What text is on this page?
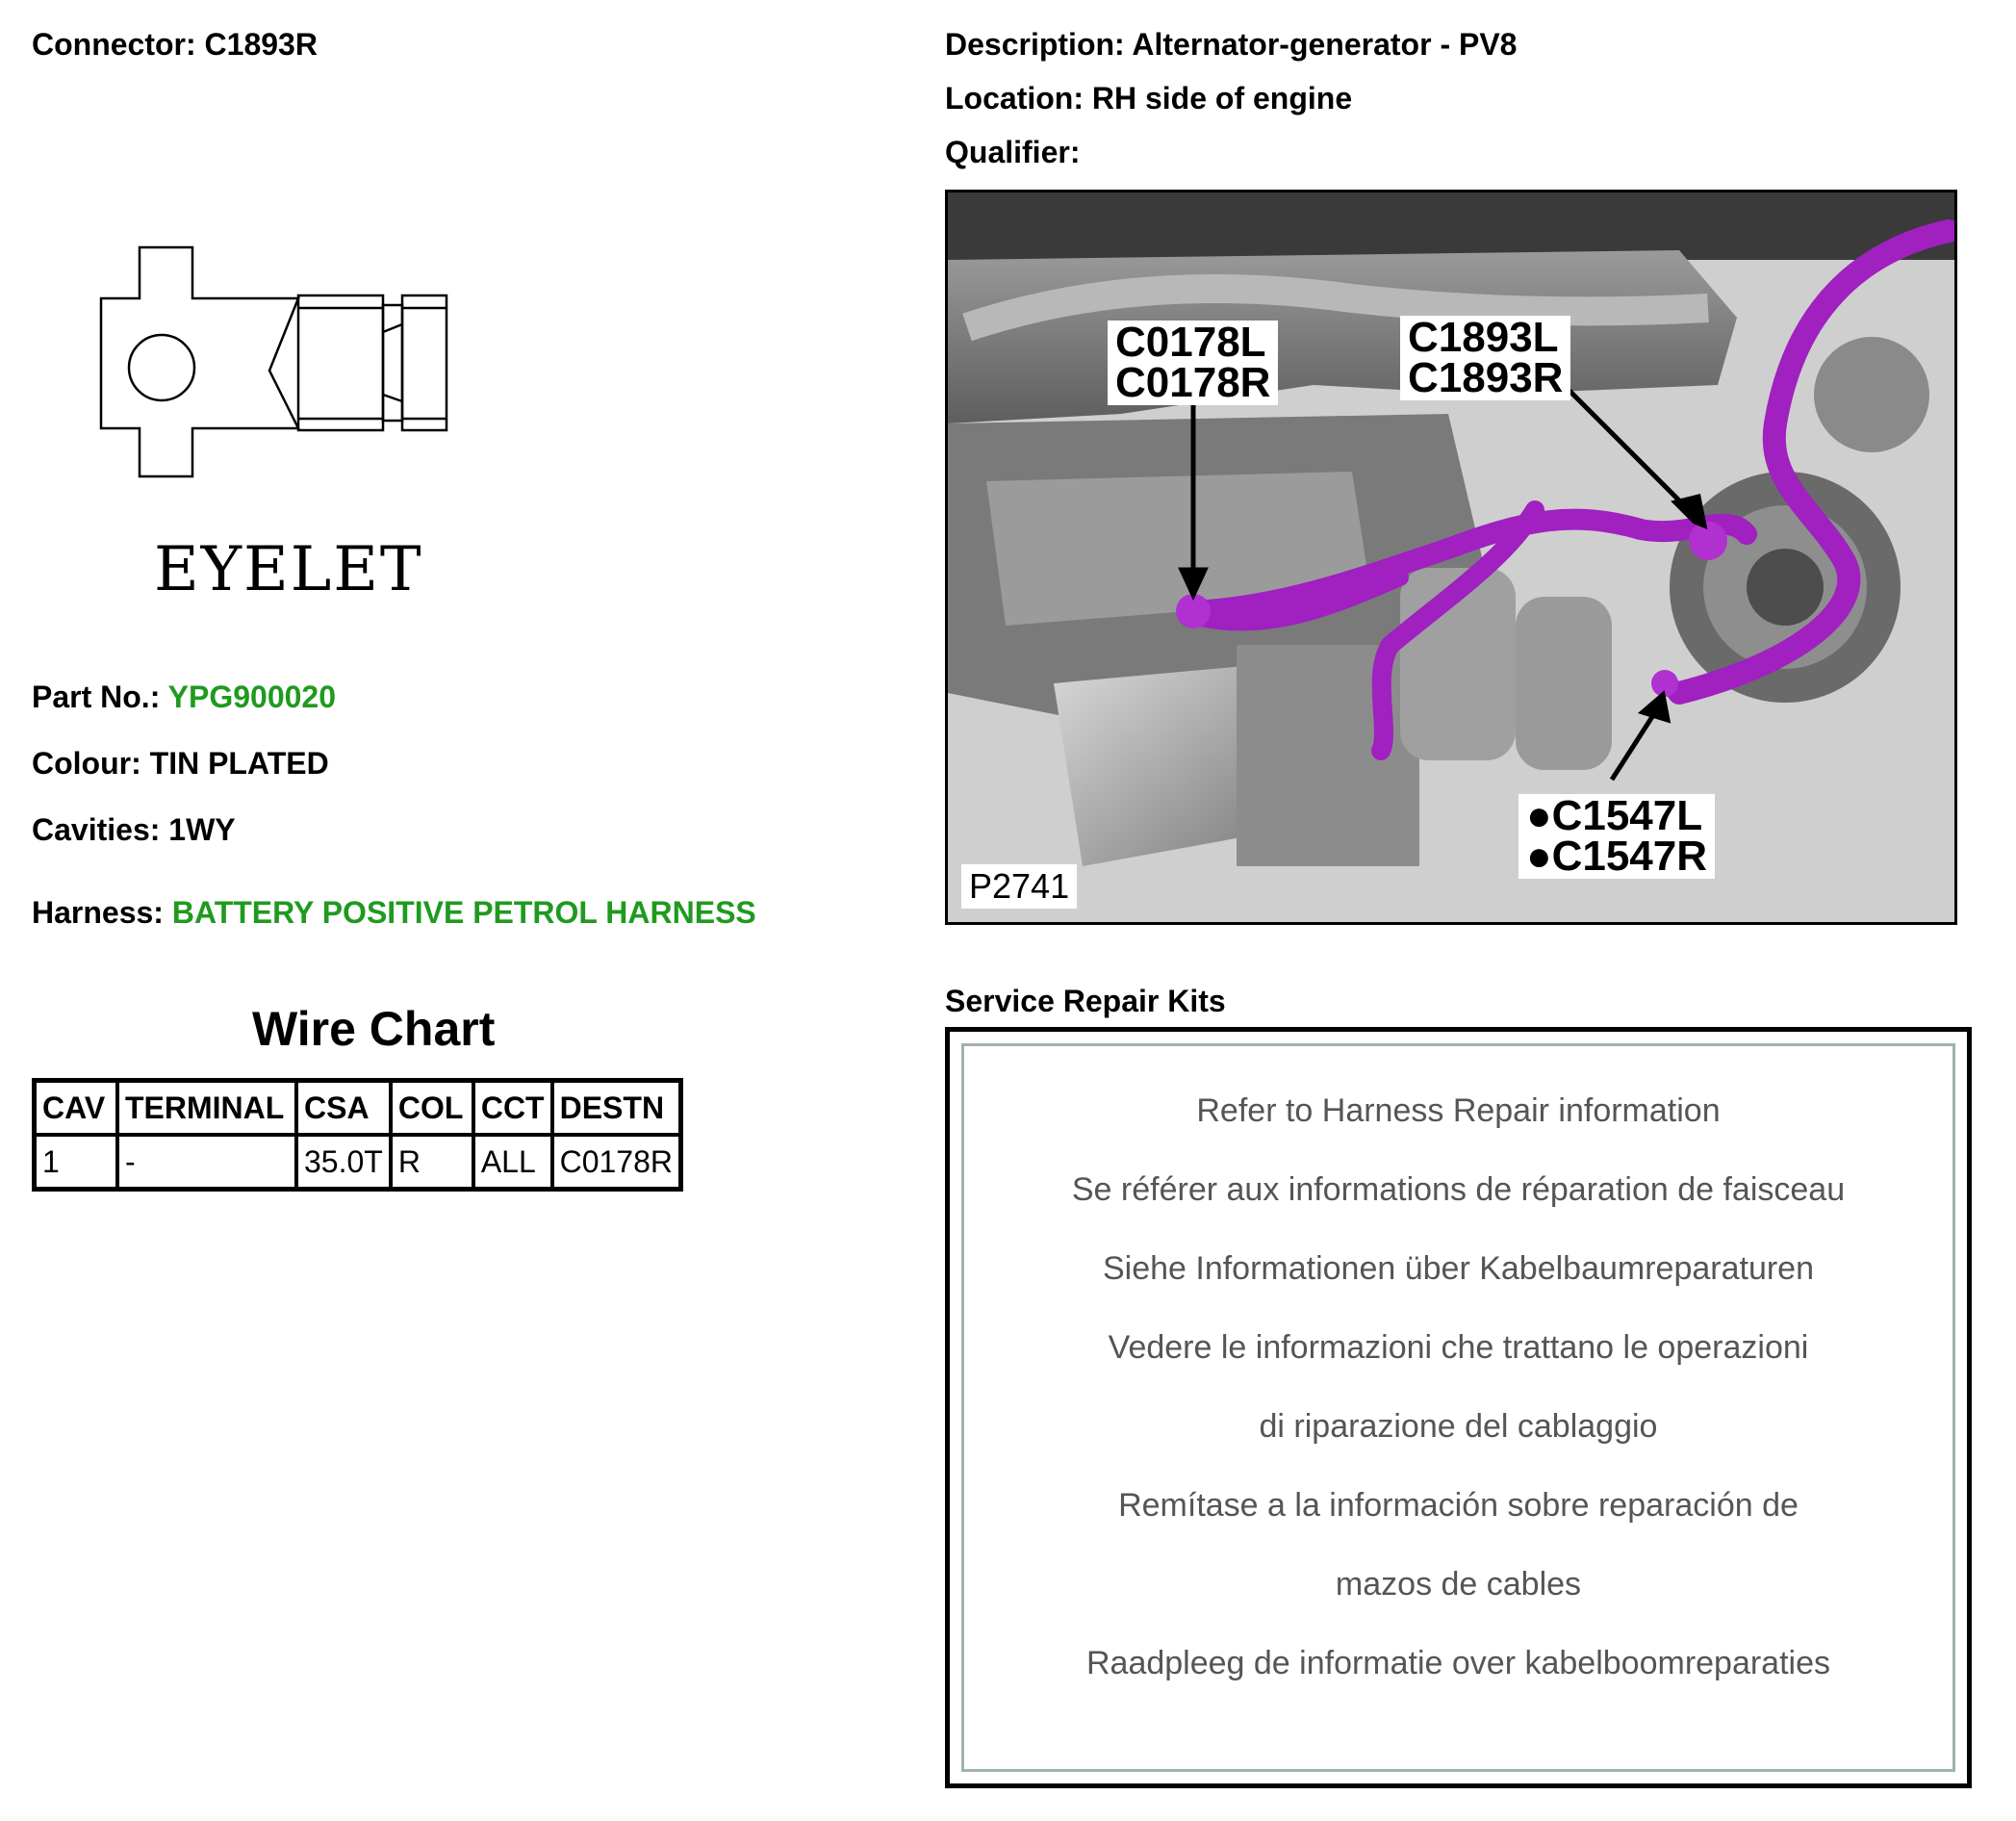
Connector: C1893R
EYELET
Part No.: YPG900020
Colour: TIN PLATED
Cavities: 1WY
Harness: BATTERY POSITIVE PETROL HARNESS
Wire Chart
CAV	TERMINAL	CSA	COL	CCT	DESTN
1	-	35.0T	R	ALL	C0178R
Description: Alternator-generator - PV8
Location: RH side of engine
Qualifier:
C0178L
C0178R
C1893L
C1893R
●C1547L
●C1547R
P2741
Service Repair Kits
Refer to Harness Repair information
Se référer aux informations de réparation de faisceau
Siehe Informationen über Kabelbaumreparaturen
Vedere le informazioni che trattano le operazioni
di riparazione del cablaggio
Remítase a la información sobre reparación de
mazos de cables
Raadpleeg de informatie over kabelboomreparaties
